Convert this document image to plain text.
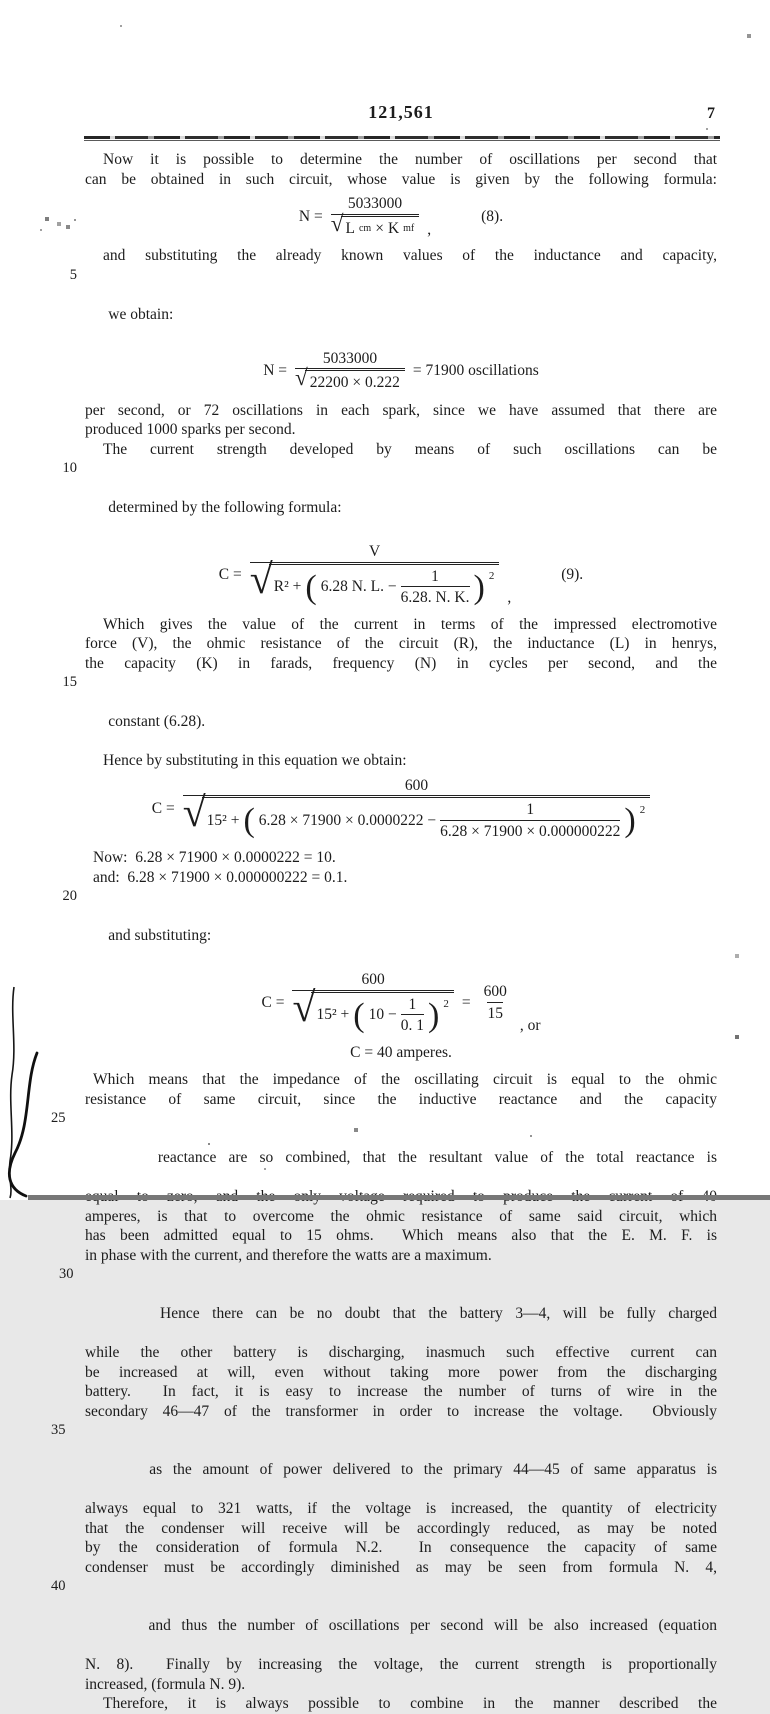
121,561	7
Now it is possible to determine the number of oscillations per second that
can be obtained in such circuit, whose value is given by the following formula:
N =
5033000
√ L cm × K mf ,
(8).
and substituting the already known values of the inductance and capacity,

5

we obtain:

$N = \frac{5033000}{√ 22200 \times 0.222} = 71900$ oscillations
per second, or 72 oscillations in each spark, since we have assumed that there are
produced 1000 sparks per second.
The current strength developed by means of such oscillations can be

10

determined by the following formula:

$C = \frac{V}{√ R^2 + ( 6.28 N. L. - \frac{1}{6.28. N. K.} ) 2}$ ,
(9).
Which gives the value of the current in terms of the impressed electromotive
force (V), the ohmic resistance of the circuit (R), the inductance (L) in henrys,
the capacity (K) in farads, frequency (N) in cycles per second, and the

15

constant (6.28).

Hence by substituting in this equation we obtain:
C =
600
√ 15² + ( $6.28 \times 71900 \times 0.0000222 - \frac{1}{6.28 \times 71900 \times 0.000000222}$ ) 2
Now:  6.28 × 71900 × 0.0000222 = 10.
and:  6.28 × 71900 × 0.000000222 = 0.1.

20

and substituting:

$C = \frac{600}{√ 15^2 + ( 10 - \frac{1}{0. 1} ) 2} = \frac{600}{15}$
, or
C = 40 amperes.
Which means that the impedance of the oscillating circuit is equal to the ohmic
resistance of same circuit, since the inductive reactance and the capacity

25

reactance are so combined, that the resultant value of the total reactance is

amperes, is that to overcome the ohmic resistance of same said circuit, which
has been admitted equal to 15 ohms.  Which means also that the E. M. F. is
in phase with the current, and therefore the watts are a maximum.

30

Hence there can be no doubt that the battery 3—4, will be fully charged

while the other battery is discharging, inasmuch such effective current can
be increased at will, even without taking more power from the discharging
battery.  In fact, it is easy to increase the number of turns of wire in the
secondary 46—47 of the transformer in order to increase the voltage.  Obviously

35

as the amount of power delivered to the primary 44—45 of same apparatus is

always equal to 321 watts, if the voltage is increased, the quantity of electricity
that the condenser will receive will be accordingly reduced, as may be noted
by the consideration of formula N.2.  In consequence the capacity of same
condenser must be accordingly diminished as may be seen from formula N. 4,

40

and thus the number of oscillations per second will be also increased (equation

N. 8).  Finally by increasing the voltage, the current strength is proportionally
increased, (formula N. 9).
Therefore, it is always possible to combine in the manner described the
